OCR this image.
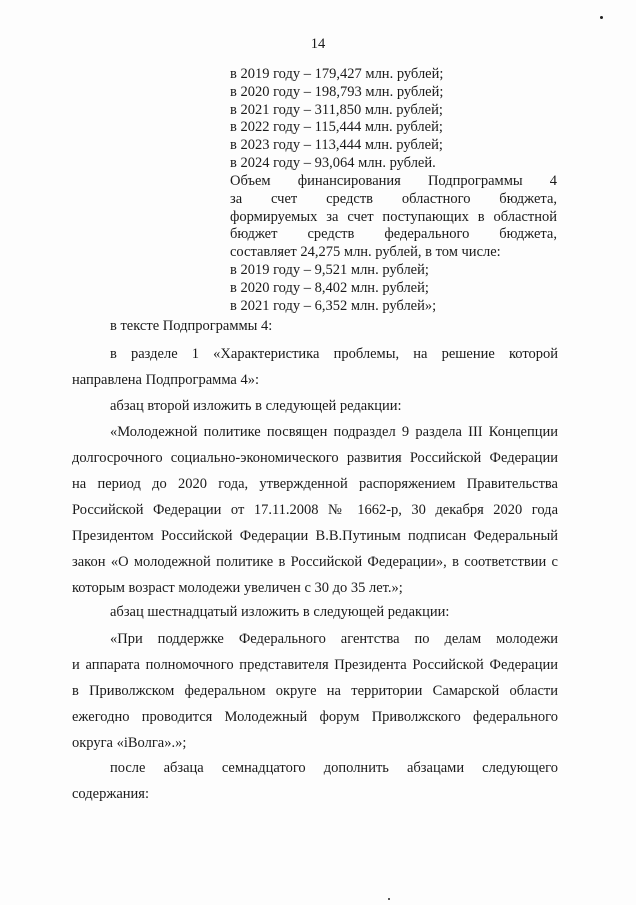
14
в 2019 году – 179,427 млн. рублей;
в 2020 году – 198,793 млн. рублей;
в 2021 году – 311,850 млн. рублей;
в 2022 году – 115,444 млн. рублей;
в 2023 году – 113,444 млн. рублей;
в 2024 году – 93,064 млн. рублей.
Объем финансирования Подпрограммы 4
за счет средств областного бюджета,
формируемых за счет поступающих в областной
бюджет средств федерального бюджета,
составляет 24,275 млн. рублей, в том числе:
в 2019 году – 9,521 млн. рублей;
в 2020 году – 8,402 млн. рублей;
в 2021 году – 6,352 млн. рублей»;
в тексте Подпрограммы 4:
в разделе 1 «Характеристика проблемы, на решение которой
направлена Подпрограмма 4»:
абзац второй изложить в следующей редакции:
«Молодежной политике посвящен подраздел 9 раздела III Концепции
долгосрочного социально-экономического развития Российской Федерации
на период до 2020 года, утвержденной распоряжением Правительства
Российской Федерации от 17.11.2008 № 1662-р, 30 декабря 2020 года
Президентом Российской Федерации В.В.Путиным подписан Федеральный
закон «О молодежной политике в Российской Федерации», в соответствии с
которым возраст молодежи увеличен с 30 до 35 лет.»;
абзац шестнадцатый изложить в следующей редакции:
«При поддержке Федерального агентства по делам молодежи
и аппарата полномочного представителя Президента Российской Федерации
в Приволжском федеральном округе на территории Самарской области
ежегодно проводится Молодежный форум Приволжского федерального
округа «iВолга».»;
после абзаца семнадцатого дополнить абзацами следующего
содержания:
